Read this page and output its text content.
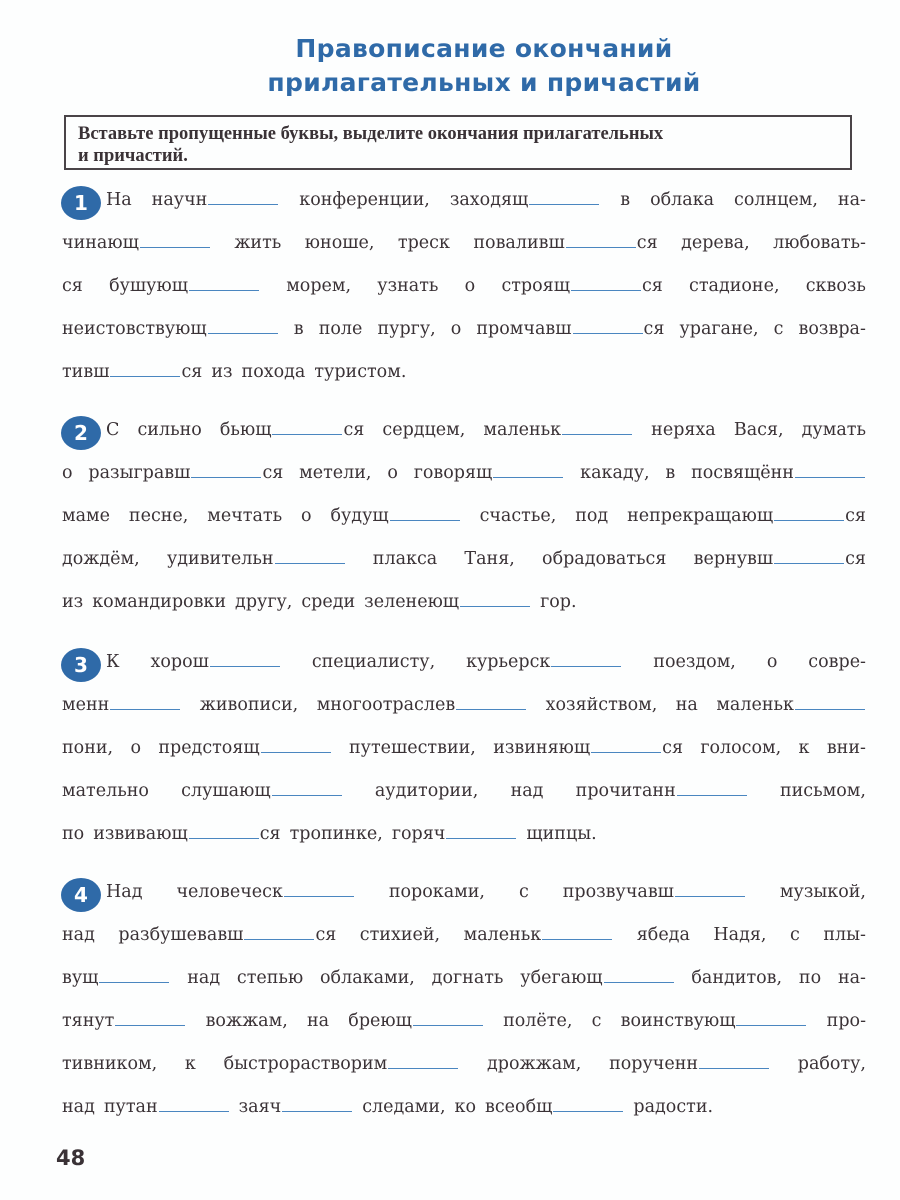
Правописание окончаний
прилагательных и причастий
Вставьте пропущенные буквы, выделите окончания прилагательных
и причастий.
1	На научн	конференции, заходящ	в облака солнцем, на-
чинающ	жить юноше, треск поваливш	ся дерева, любовать-
ся бушующ	морем, узнать о строящ	ся стадионе, сквозь
неистовствующ	в поле пургу, о промчавш	ся урагане, с возвра-
тивш	ся из похода туристом.
2	С сильно бьющ	ся сердцем, маленьк	неряха Вася, думать
о разыгравш	ся метели, о говорящ	какаду, в посвящённ
маме песне, мечтать о будущ	счастье, под непрекращающ	ся
дождём, удивительн	плакса Таня, обрадоваться вернувш	ся
из командировки другу, среди зеленеющ	гор.
3	К хорош	специалисту, курьерск	поездом, о совре-
менн	живописи, многоотраслев	хозяйством, на маленьк
пони, о предстоящ	путешествии, извиняющ	ся голосом, к вни-
мательно слушающ	аудитории, над прочитанн	письмом,
по извивающ	ся тропинке, горяч	щипцы.
4	Над человеческ	пороками, с прозвучавш	музыкой,
над разбушевавш	ся стихией, маленьк	ябеда Надя, с плы-
вущ	над степью облаками, догнать убегающ	бандитов, по на-
тянут	вожжам, на бреющ	полёте, с воинствующ	про-
тивником, к быстрорастворим	дрожжам, порученн	работу,
над путан	заяч	следами, ко всеобщ	радости.
48
